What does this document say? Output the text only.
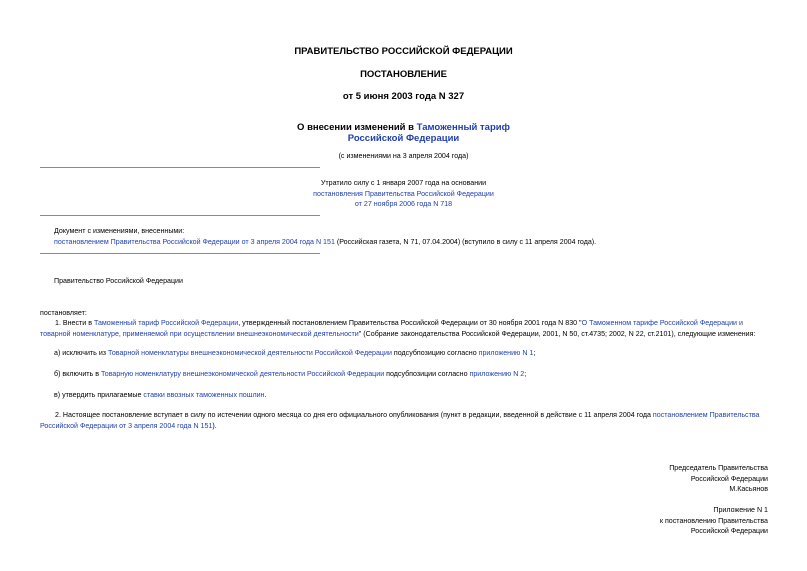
ПРАВИТЕЛЬСТВО РОССИЙСКОЙ ФЕДЕРАЦИИ
ПОСТАНОВЛЕНИЕ
от 5 июня 2003 года N 327
О внесении изменений в Таможенный тариф
Российской Федерации
(с изменениями на 3 апреля 2004 года)
Утратило силу с 1 января 2007 года на основании
постановления Правительства Российской Федерации
от 27 ноября 2006 года N 718
Документ с изменениями, внесенными:
постановлением Правительства Российской Федерации от 3 апреля 2004 года N 151 (Российская газета, N 71, 07.04.2004) (вступило в силу с 11 апреля 2004 года).
Правительство Российской Федерации
постановляет:
1. Внести в Таможенный тариф Российской Федерации, утвержденный постановлением Правительства Российской Федерации от 30 ноября 2001 года N 830 "О Таможенном тарифе Российской Федерации и
товарной номенклатуре, применяемой при осуществлении внешнеэкономической деятельности" (Собрание законодательства Российской Федерации, 2001, N 50, ст.4735; 2002, N 22, ст.2101), следующие изменения:
а) исключить из Товарной номенклатуры внешнеэкономической деятельности Российской Федерации подсубпозицию согласно приложению N 1;
б) включить в Товарную номенклатуру внешнеэкономической деятельности Российской Федерации подсубпозиции согласно приложению N 2;
в) утвердить прилагаемые ставки ввозных таможенных пошлин.
2. Настоящее постановление вступает в силу по истечении одного месяца со дня его официального опубликования (пункт в редакции, введенной в действие с 11 апреля 2004 года постановлением Правительства
Российской Федерации от 3 апреля 2004 года N 151).
Председатель Правительства
Российской Федерации
М.Касьянов
Приложение N 1
к постановлению Правительства
Российской Федерации
